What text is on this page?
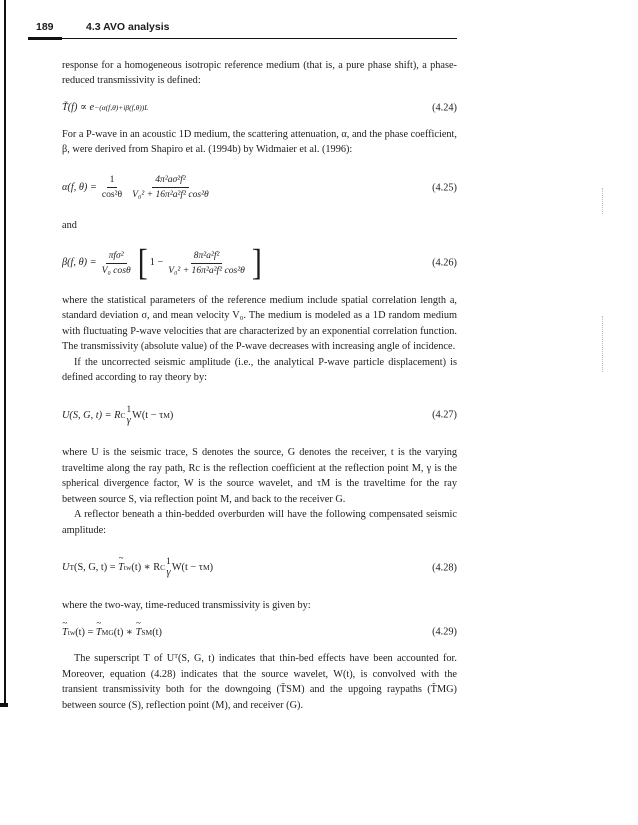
189	4.3 AVO analysis

response for a homogeneous isotropic reference medium (that is, a pure phase shift), a phase-reduced transmissivity is defined:

T̃(f) ∝ e −(α(f,θ)+iβ(f,θ))L	(4.24)

For a P-wave in an acoustic 1D medium, the scattering attenuation, α, and the phase coefficient, β, were derived from Shapiro et al. (1994b) by Widmaier et al. (1996):

α(f, $\theta) = \frac{1}{\text{cos²θ}} \frac{\text{4π²aσ²f²}}{\text{V₀² + 16π²a²f² cos²θ}}$	(4.25)

and

β(f, $\theta) = \frac{\text{πfσ²}}{\text{V₀ cosθ}}$ [ $1 - \frac{\text{8π²a²f²}}{\text{V₀² + 16π²a²f² cos²θ}}$ ]	(4.26)

where the statistical parameters of the reference medium include spatial correlation length a, standard deviation σ, and mean velocity V₀. The medium is modeled as a 1D random medium with fluctuating P-wave velocities that are characterized by an exponential correlation function. The transmissivity (absolute value) of the P-wave decreases with increasing angle of incidence.

If the uncorrected seismic amplitude (i.e., the analytical P-wave particle displacement) is defined according to ray theory by:

U(S, G, t) = R C
1
γ W(t − τ M )	(4.27)

where U is the seismic trace, S denotes the source, G denotes the receiver, t is the varying traveltime along the ray path, Rc is the reflection coefficient at the reflection point M, γ is the spherical divergence factor, W is the source wavelet, and τM is the traveltime for the ray between source S, via reflection point M, and back to the receiver G.

A reflector beneath a thin-bedded overburden will have the following compensated seismic amplitude:

U T (S, G, t) =
~ T tw (t) ∗ R C
1
γ W(t − τ M )	(4.28)

where the two-way, time-reduced transmissivity is given by:

~ T tw (t) =
~ T MG (t) ∗
~ T SM (t)	(4.29)

The superscript T of Uᵀ(S, G, t) indicates that thin-bed effects have been accounted for. Moreover, equation (4.28) indicates that the source wavelet, W(t), is convolved with the transient transmissivity both for the downgoing (T̃SM) and the upgoing raypaths (T̃MG) between source (S), reflection point (M), and receiver (G).
